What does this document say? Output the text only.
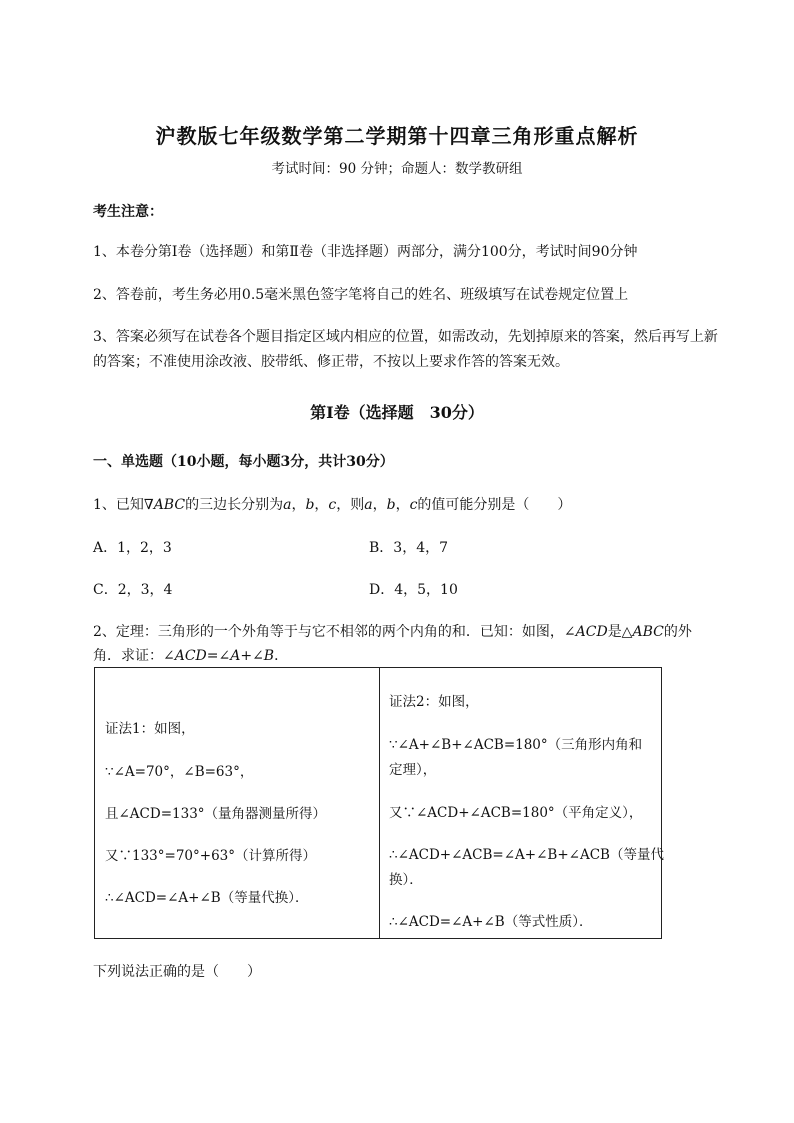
沪教版七年级数学第二学期第十四章三角形重点解析
考试时间：90 分钟；命题人：数学教研组
考生注意：
1、本卷分第Ⅰ卷（选择题）和第Ⅱ卷（非选择题）两部分，满分100分，考试时间90分钟
2、答卷前，考生务必用0.5毫米黑色签字笔将自己的姓名、班级填写在试卷规定位置上
3、答案必须写在试卷各个题目指定区域内相应的位置，如需改动，先划掉原来的答案，然后再写上新
的答案；不准使用涂改液、胶带纸、修正带，不按以上要求作答的答案无效。
第Ⅰ卷（选择题　30分）
一、单选题（10小题，每小题3分，共计30分）
1、已知∇ABC的三边长分别为a，b，c，则a，b，c的值可能分别是（　　）
A．1，2，3	B．3，4，7
C．2，3，4	D．4，5，10
2、定理：三角形的一个外角等于与它不相邻的两个内角的和．已知：如图，∠ACD是△ABC的外
角．求证：∠ACD=∠A+∠B．
证法1：如图，
∵∠A=70°，∠B=63°，
且∠ACD=133°（量角器测量所得）
又∵133°=70°+63°（计算所得）
∴∠ACD=∠A+∠B（等量代换）．
证法2：如图，
∵∠A+∠B+∠ACB=180°（三角形内角和
定理），
又∵∠ACD+∠ACB=180°（平角定义），
∴∠ACD+∠ACB=∠A+∠B+∠ACB（等量代
换）．
∴∠ACD=∠A+∠B（等式性质）．
下列说法正确的是（　　）
